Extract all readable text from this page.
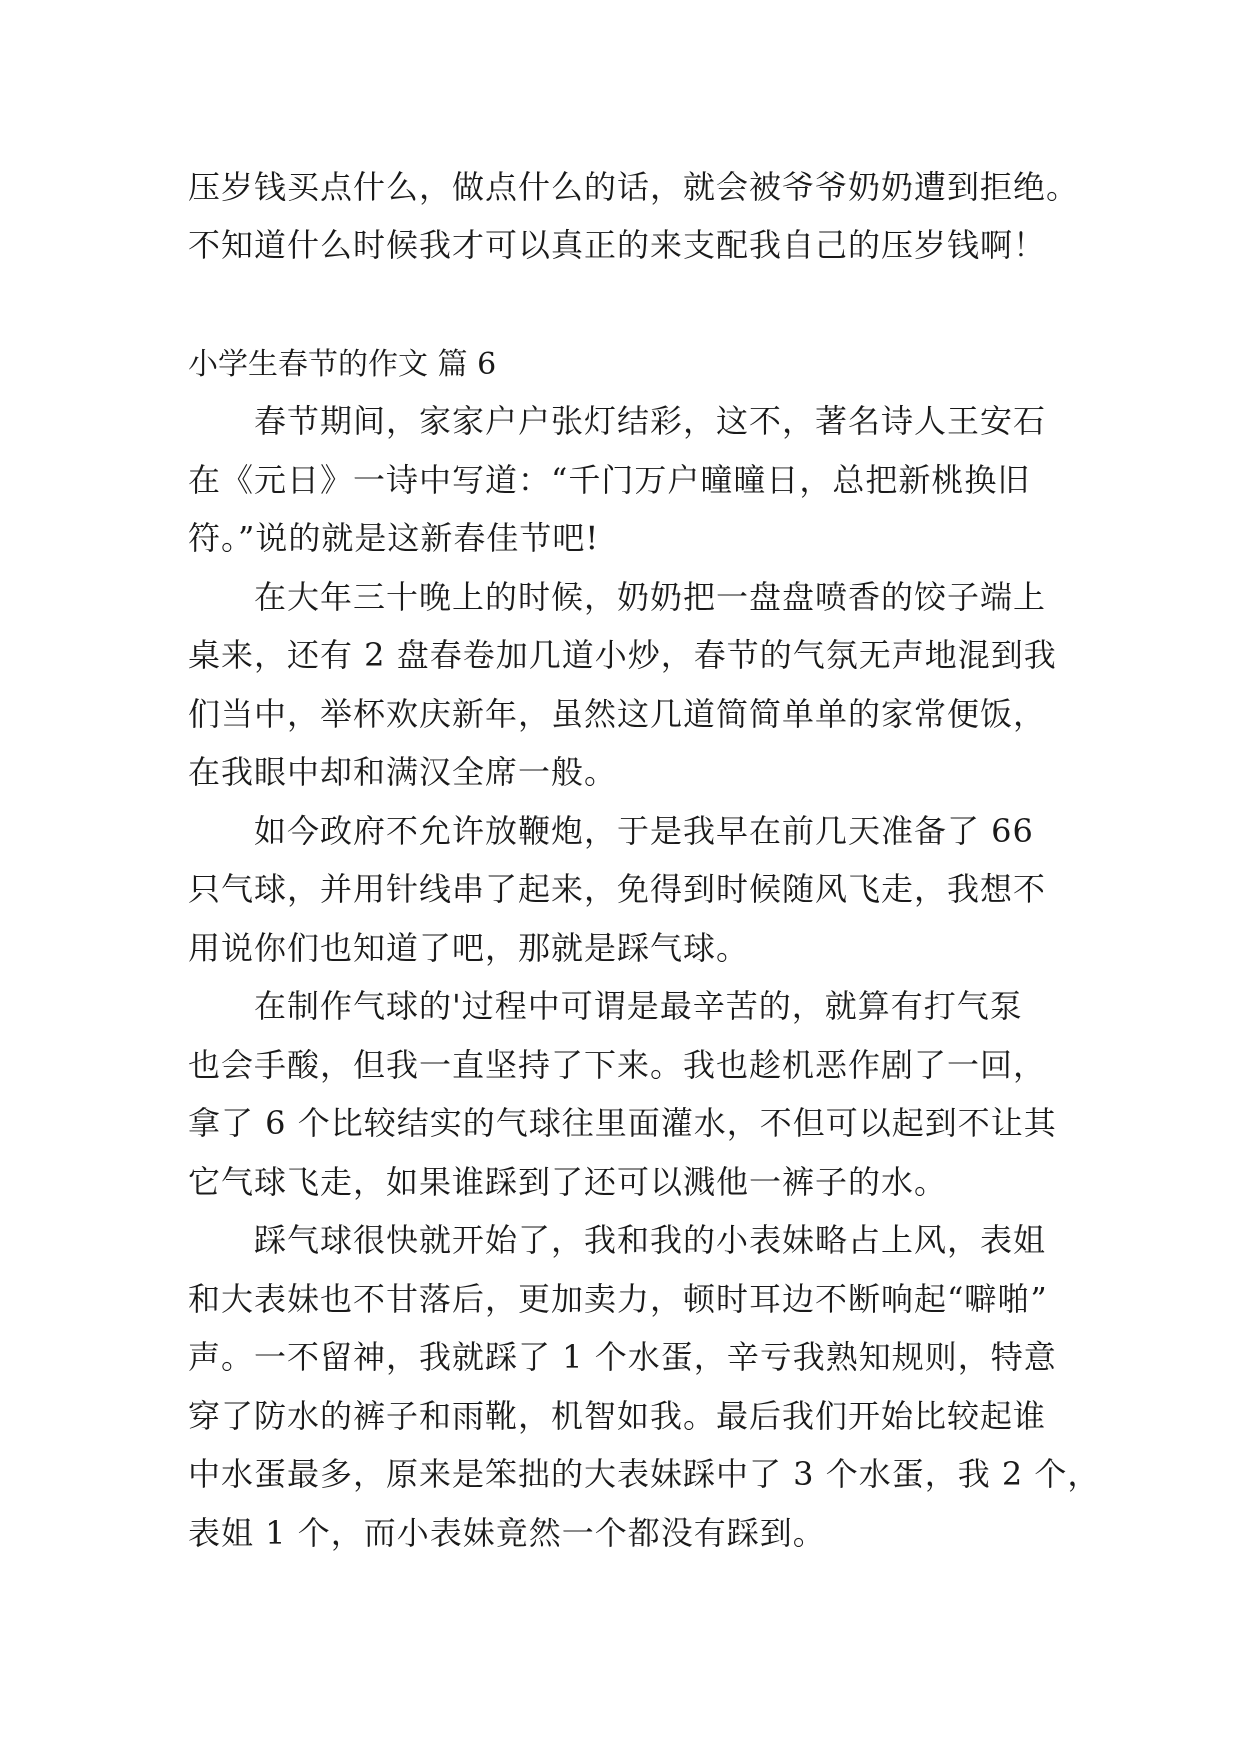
压岁钱买点什么，做点什么的话，就会被爷爷奶奶遭到拒绝。
不知道什么时候我才可以真正的来支配我自己的压岁钱啊！
小学生春节的作文 篇 6

春节期间，家家户户张灯结彩，这不，著名诗人王安石
在《元日》一诗中写道：“千门万户曈曈日，总把新桃换旧
符。”说的就是这新春佳节吧!

在大年三十晚上的时候，奶奶把一盘盘喷香的饺子端上
桌来，还有 2 盘春卷加几道小炒，春节的气氛无声地混到我
们当中，举杯欢庆新年，虽然这几道简简单单的家常便饭，
在我眼中却和满汉全席一般。

如今政府不允许放鞭炮，于是我早在前几天准备了 66
只气球，并用针线串了起来，免得到时候随风飞走，我想不
用说你们也知道了吧，那就是踩气球。

在制作气球的'过程中可谓是最辛苦的，就算有打气泵
也会手酸，但我一直坚持了下来。我也趁机恶作剧了一回，
拿了 6 个比较结实的气球往里面灌水，不但可以起到不让其
它气球飞走，如果谁踩到了还可以溅他一裤子的水。

踩气球很快就开始了，我和我的小表妹略占上风，表姐
和大表妹也不甘落后，更加卖力，顿时耳边不断响起“噼啪”
声。一不留神，我就踩了 1 个水蛋，辛亏我熟知规则，特意
穿了防水的裤子和雨靴，机智如我。最后我们开始比较起谁
中水蛋最多，原来是笨拙的大表妹踩中了 3 个水蛋，我 2 个，
表姐 1 个，而小表妹竟然一个都没有踩到。
